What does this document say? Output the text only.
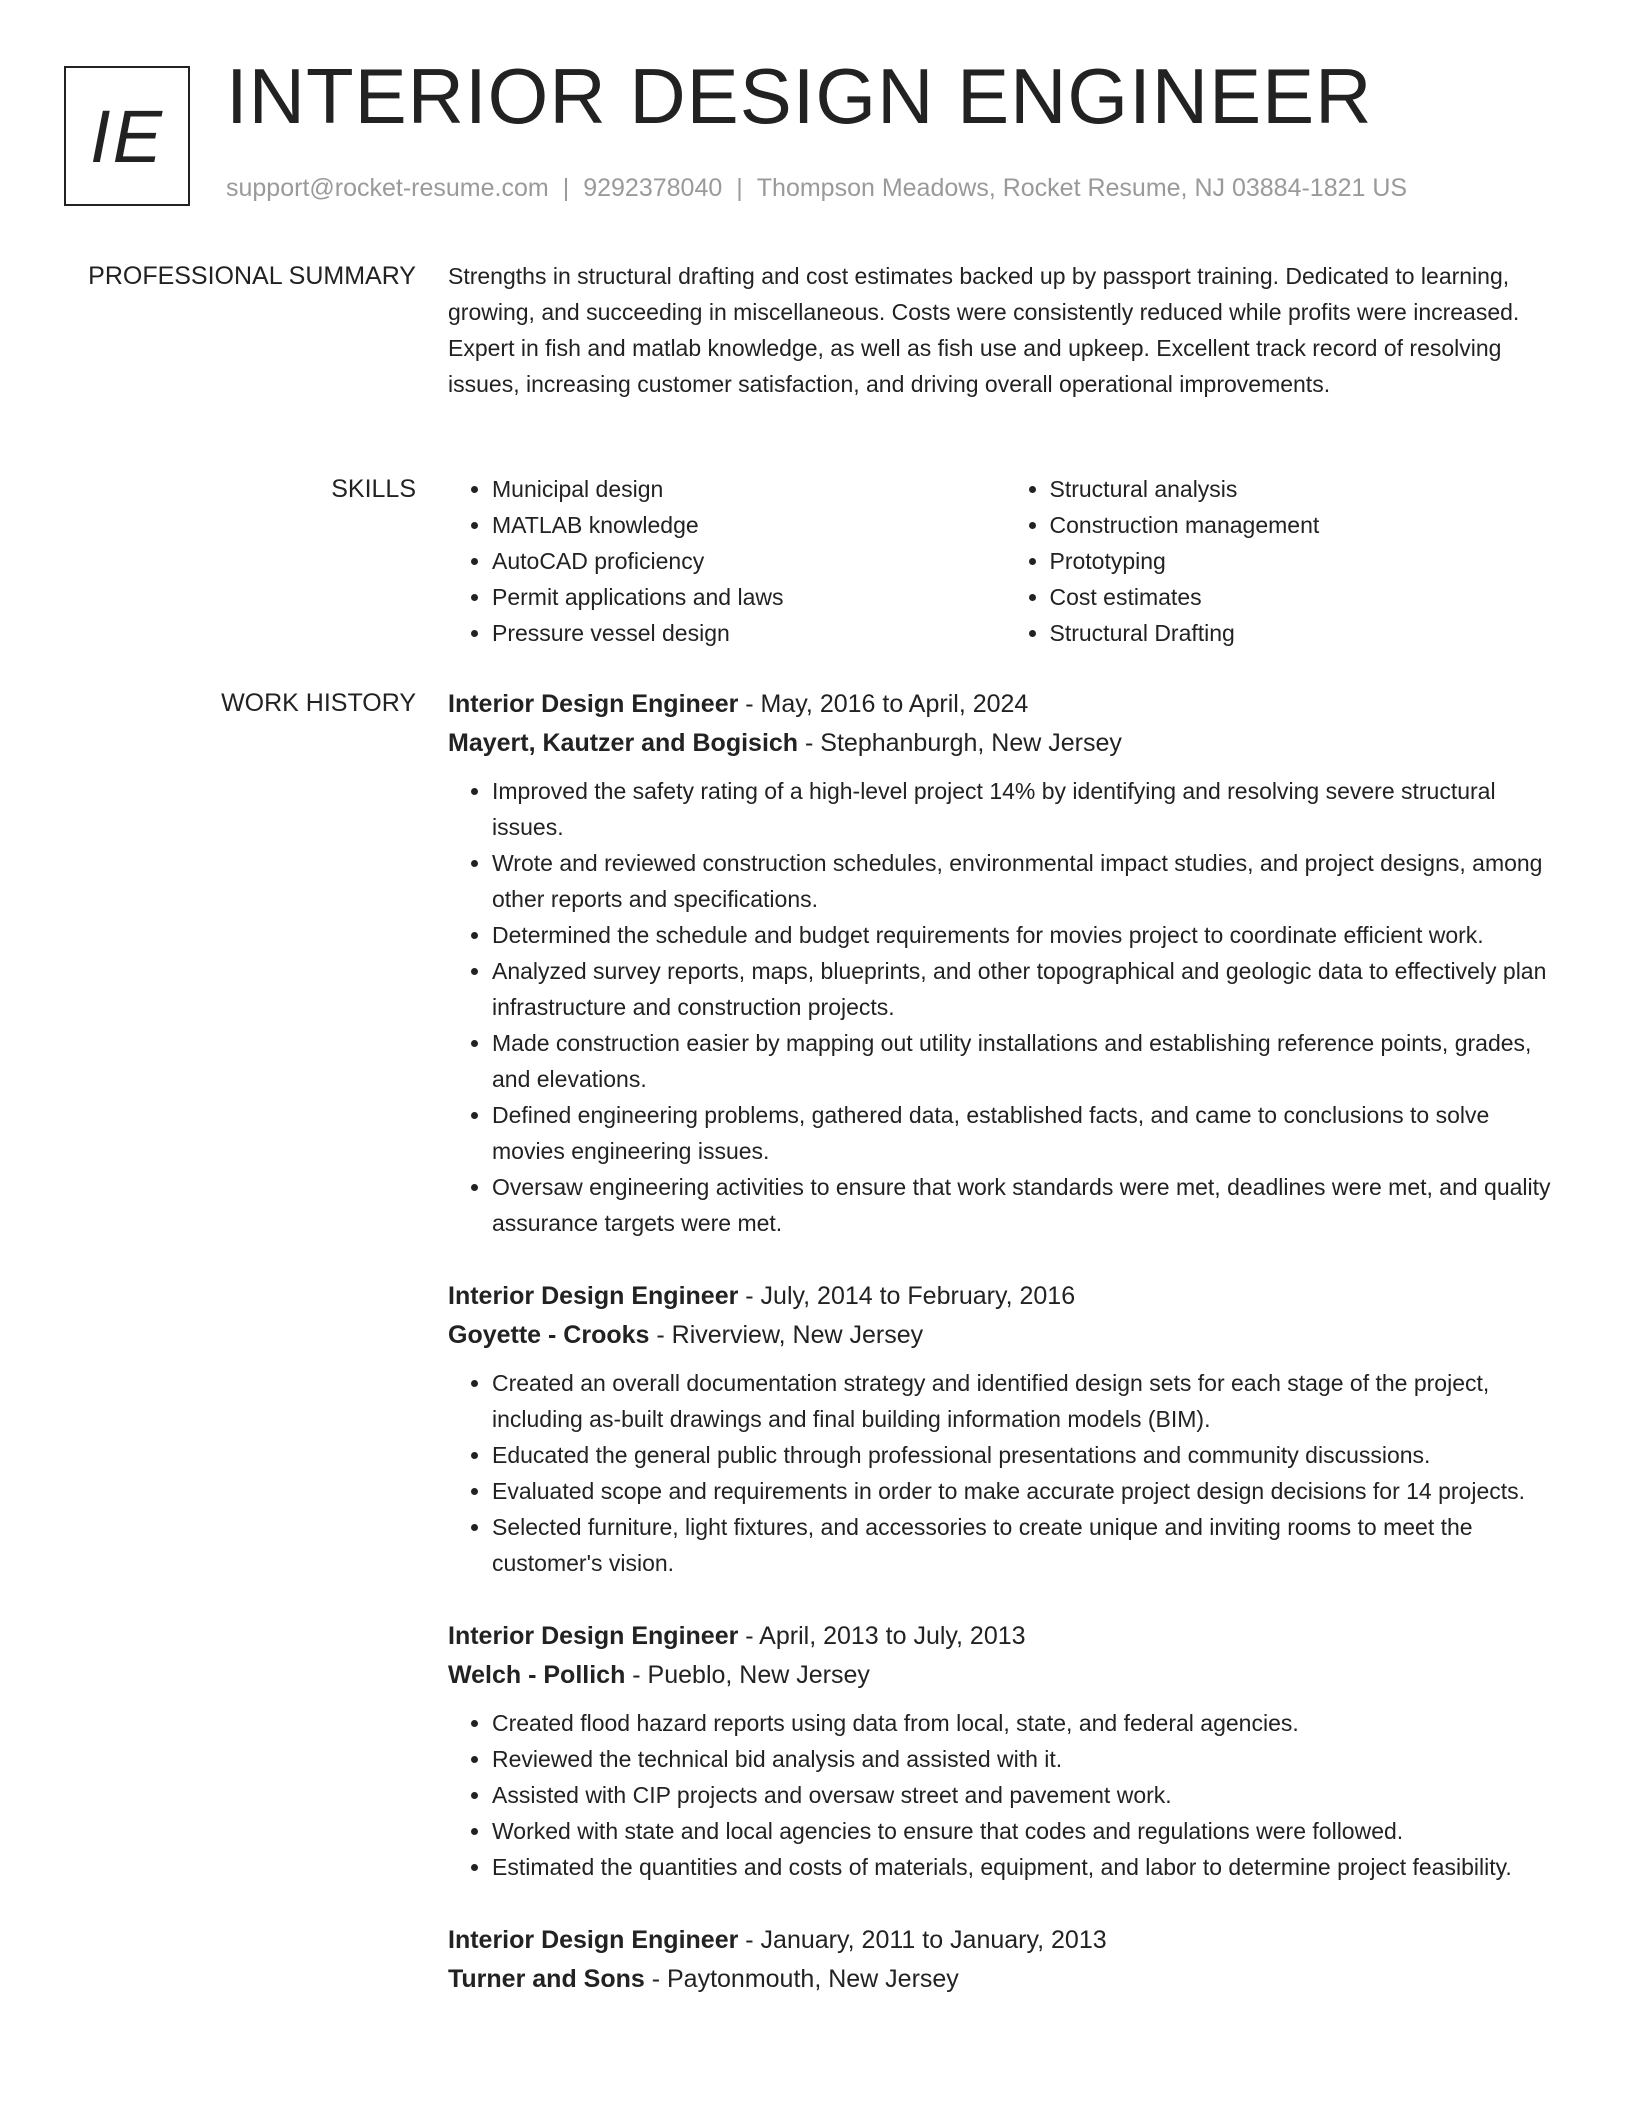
IE INTERIOR DESIGN ENGINEER
support@rocket-resume.com | 9292378040 | Thompson Meadows, Rocket Resume, NJ 03884-1821 US
PROFESSIONAL SUMMARY Strengths in structural drafting and cost estimates backed up by passport training. Dedicated to learning, growing, and succeeding in miscellaneous. Costs were consistently reduced while profits were increased. Expert in fish and matlab knowledge, as well as fish use and upkeep. Excellent track record of resolving issues, increasing customer satisfaction, and driving overall operational improvements.

SKILLS
•	Municipal design
• MATLAB knowledge
• AutoCAD proficiency
• Permit applications and laws
• Pressure vessel design
• Structural analysis
• Construction management
• Prototyping
• Cost estimates
• Structural Drafting
WORK HISTORY Interior Design Engineer - May, 2016 to April, 2024
Mayert, Kautzer and Bogisich - Stephanburgh, New Jersey
• Improved the safety rating of a high-level project 14% by identifying and resolving severe structural issues.
• Wrote and reviewed construction schedules, environmental impact studies, and project designs, among other reports and specifications.
• Determined the schedule and budget requirements for movies project to coordinate efficient work.
• Analyzed survey reports, maps, blueprints, and other topographical and geologic data to effectively plan infrastructure and construction projects.
• Made construction easier by mapping out utility installations and establishing reference points, grades, and elevations.
• Defined engineering problems, gathered data, established facts, and came to conclusions to solve movies engineering issues.
• Oversaw engineering activities to ensure that work standards were met, deadlines were met, and quality assurance targets were met.
Interior Design Engineer - July, 2014 to February, 2016
Goyette - Crooks - Riverview, New Jersey
• Created an overall documentation strategy and identified design sets for each stage of the project, including as-built drawings and final building information models (BIM).
• Educated the general public through professional presentations and community discussions.
• Evaluated scope and requirements in order to make accurate project design decisions for 14 projects.
• Selected furniture, light fixtures, and accessories to create unique and inviting rooms to meet the customer's vision.
Interior Design Engineer - April, 2013 to July, 2013
Welch - Pollich - Pueblo, New Jersey
• Created flood hazard reports using data from local, state, and federal agencies.
• Reviewed the technical bid analysis and assisted with it.
• Assisted with CIP projects and oversaw street and pavement work.
• Worked with state and local agencies to ensure that codes and regulations were followed.
• Estimated the quantities and costs of materials, equipment, and labor to determine project feasibility.
Interior Design Engineer - January, 2011 to January, 2013
Turner and Sons - Paytonmouth, New Jersey
